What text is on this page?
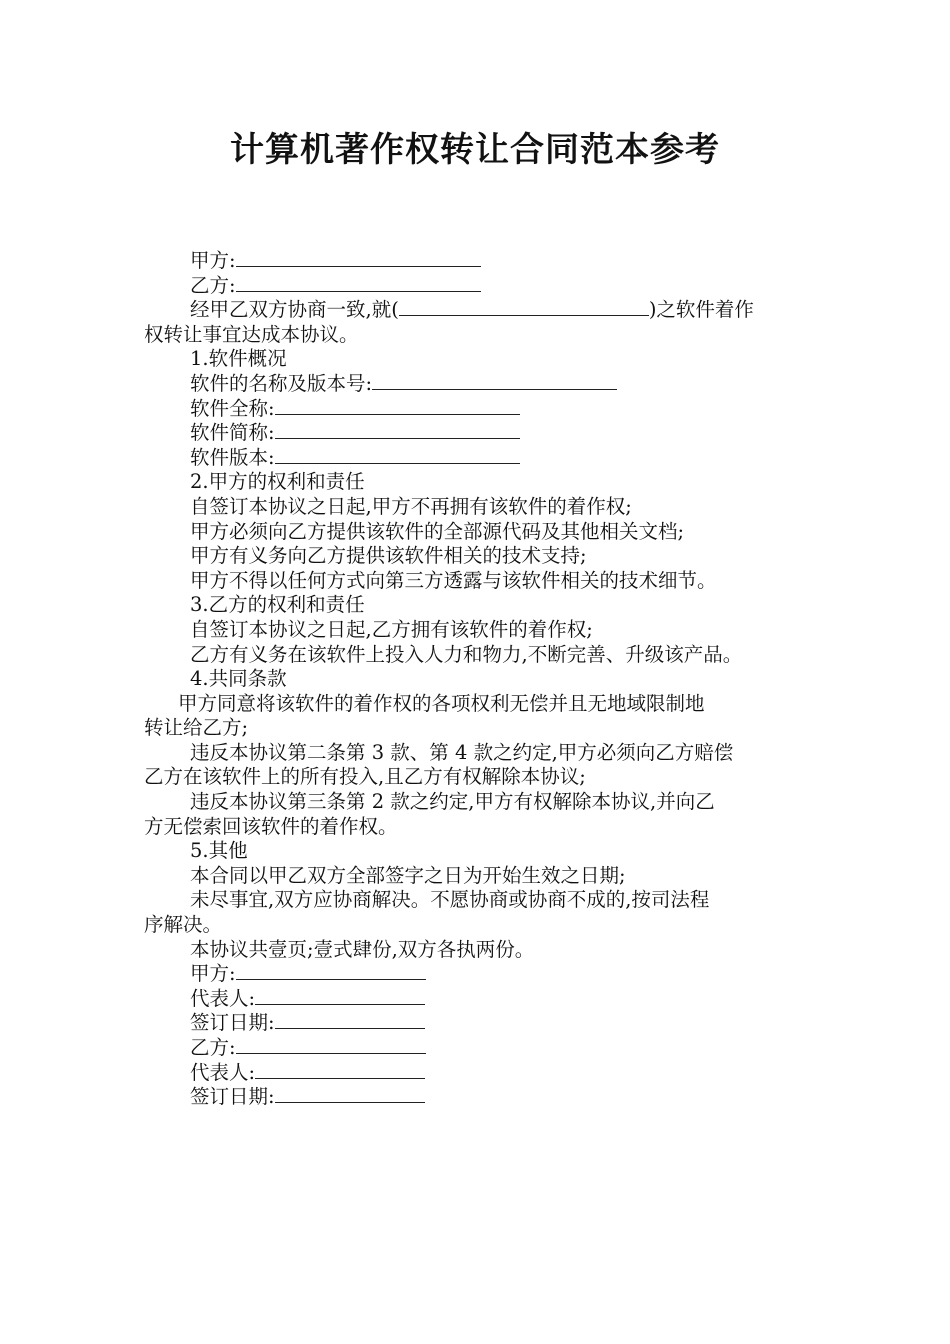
计算机著作权转让合同范本参考
甲方:
乙方:
经甲乙双方协商一致,就(	)之软件着作
权转让事宜达成本协议。
1.软件概况
软件的名称及版本号:
软件全称:
软件简称:
软件版本:
2.甲方的权利和责任
自签订本协议之日起,甲方不再拥有该软件的着作权;
甲方必须向乙方提供该软件的全部源代码及其他相关文档;
甲方有义务向乙方提供该软件相关的技术支持;
甲方不得以任何方式向第三方透露与该软件相关的技术细节。
3.乙方的权利和责任
自签订本协议之日起,乙方拥有该软件的着作权;
乙方有义务在该软件上投入人力和物力,不断完善、升级该产品。
4.共同条款
甲方同意将该软件的着作权的各项权利无偿并且无地域限制地
转让给乙方;
违反本协议第二条第 3 款、第 4 款之约定,甲方必须向乙方赔偿
乙方在该软件上的所有投入,且乙方有权解除本协议;
违反本协议第三条第 2 款之约定,甲方有权解除本协议,并向乙
方无偿索回该软件的着作权。
5.其他
本合同以甲乙双方全部签字之日为开始生效之日期;
未尽事宜,双方应协商解决。不愿协商或协商不成的,按司法程
序解决。
本协议共壹页;壹式肆份,双方各执两份。
甲方:
代表人:
签订日期:
乙方:
代表人:
签订日期:
